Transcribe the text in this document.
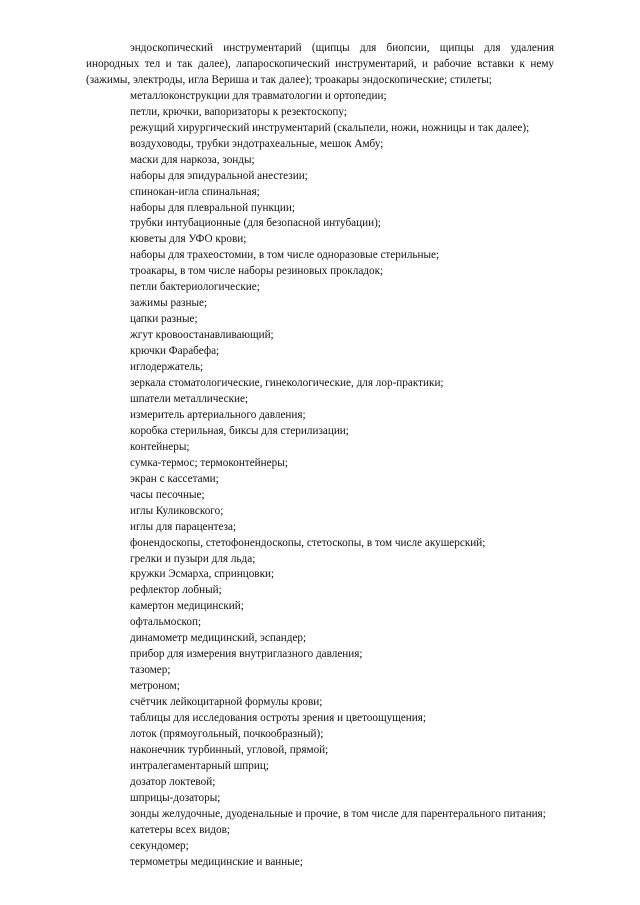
эндоскопический инструментарий (щипцы для биопсии, щипцы для удаления инородных тел и так далее), лапароскопический инструментарий, и рабочие вставки к нему (зажимы, электроды, игла Вериша и так далее); троакары эндоскопические; стилеты;

металлоконструкции для травматологии и ортопедии;

петли, крючки, вапоризаторы к резектоскопу;

режущий хирургический инструментарий (скальпели, ножи, ножницы и так далее);

воздуховоды, трубки эндотрахеальные, мешок Амбу;

маски для наркоза, зонды;

наборы для эпидуральной анестезии;

спинокан-игла спинальная;

наборы для плевральной пункции;

трубки интубационные (для безопасной интубации);

кюветы для УФО крови;

наборы для трахеостомии, в том числе одноразовые стерильные;

троакары, в том числе наборы резиновых прокладок;

петли бактериологические;

зажимы разные;

цапки разные;

жгут кровоостанавливающий;

крючки Фарабефа;

иглодержатель;

зеркала стоматологические, гинекологические, для лор-практики;

шпатели металлические;

измеритель артериального давления;

коробка стерильная, биксы для стерилизации;

контейнеры;

сумка-термос; термоконтейнеры;

экран с кассетами;

часы песочные;

иглы Куликовского;

иглы для парацентеза;

фонендоскопы, стетофонендоскопы, стетоскопы, в том числе акушерский;

грелки и пузыри для льда;

кружки Эсмарха, спринцовки;

рефлектор лобный;

камертон медицинский;

офтальмоскоп;

динамометр медицинский, эспандер;

прибор для измерения внутриглазного давления;

тазомер;

метроном;

счётчик лейкоцитарной формулы крови;

таблицы для исследования остроты зрения и цветоощущения;

лоток (прямоугольный, почкообразный);

наконечник турбинный, угловой, прямой;

интралегаментарный шприц;

дозатор локтевой;

шприцы-дозаторы;

зонды желудочные, дуоденальные и прочие, в том числе для парентерального питания;

катетеры всех видов;

секундомер;

термометры медицинские и ванные;
